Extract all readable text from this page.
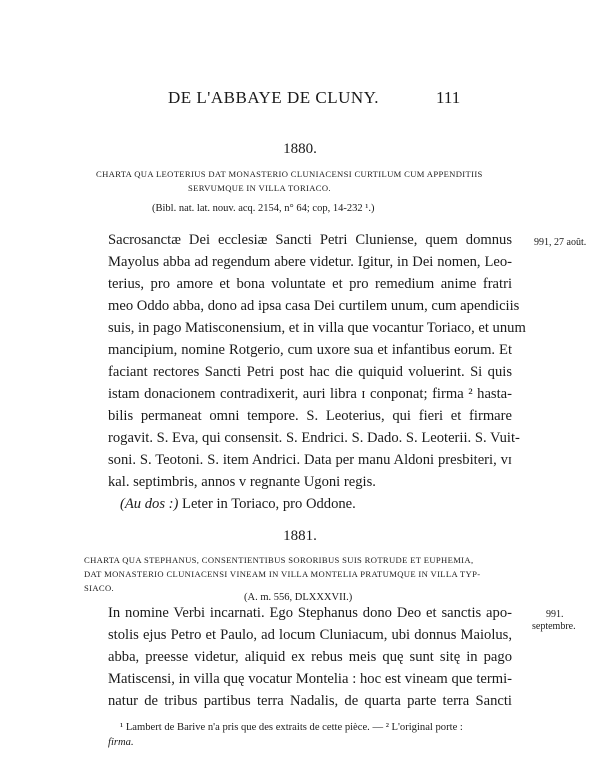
DE L'ABBAYE DE CLUNY.	111
1880.
CHARTA QUA LEOTERIUS DAT MONASTERIO CLUNIACENSI CURTILUM CUM APPENDITIIS
SERVUMQUE IN VILLA TORIACO.
(Bibl. nat. lat. nouv. acq. 2154, n° 64; cop, 14-232 ¹.)
991, 27 août.
Sacrosanctæ Dei ecclesiæ Sancti Petri Cluniense, quem domnus
Mayolus abba ad regendum abere videtur. Igitur, in Dei nomen, Leo-
terius, pro amore et bona voluntate et pro remedium anime fratri
meo Oddo abba, dono ad ipsa casa Dei curtilem unum, cum apendiciis
suis, in pago Matisconensium, et in villa que vocantur Toriaco, et unum
mancipium, nomine Rotgerio, cum uxore sua et infantibus eorum. Et
faciant rectores Sancti Petri post hac die quiquid voluerint. Si quis
istam donacionem contradixerit, auri libra ɪ conponat; firma ² hasta-
bilis permaneat omni tempore. S. Leoterius, qui fieri et firmare
rogavit. S. Eva, qui consensit. S. Endrici. S. Dado. S. Leoterii. S. Vuit-
soni. S. Teotoni. S. item Andrici. Data per manu Aldoni presbiteri, ᴠɪ
kal. septimbris, annos ᴠ regnante Ugoni regis.
(Au dos :) Leter in Toriaco, pro Oddone.
1881.
CHARTA QUA STEPHANUS, CONSENTIENTIBUS SORORIBUS SUIS ROTRUDE ET EUPHEMIA,
DAT MONASTERIO CLUNIACENSI VINEAM IN VILLA MONTELIA PRATUMQUE IN VILLA TYP-
SIACO.
(A. m. 556, DLXXXVII.)
991.
septembre.
In nomine Verbi incarnati. Ego Stephanus dono Deo et sanctis apo-
stolis ejus Petro et Paulo, ad locum Cluniacum, ubi donnus Maiolus,
abba, preesse videtur, aliquid ex rebus meis quę sunt sitę in pago
Matiscensi, in villa quę vocatur Montelia : hoc est vineam que termi-
natur de tribus partibus terra Nadalis, de quarta parte terra Sancti
¹ Lambert de Barive n'a pris que des extraits de cette pièce. — ² L'original porte :
firma.
